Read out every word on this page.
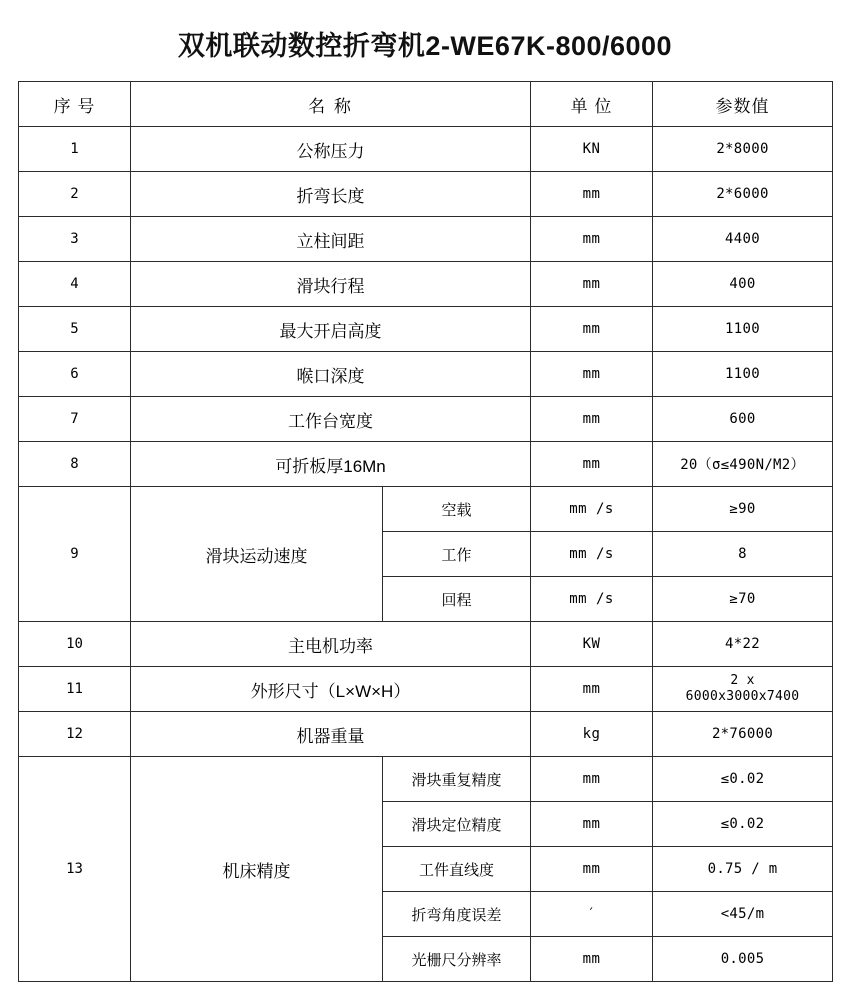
双机联动数控折弯机2-WE67K-800/6000
序 号	名 称		单 位	参数值
1	公称压力		KN	2*8000
2	折弯长度		mm	2*6000
3	立柱间距		mm	4400
4	滑块行程		mm	400
5	最大开启高度		mm	1100
6	喉口深度		mm	1100
7	工作台宽度		mm	600
8	可折板厚16Mn		mm	20（σ≤490N/M2）
9	滑块运动速度	空载	mm /s	≥90
		工作	mm /s	8
		回程	mm /s	≥70
10	主电机功率		KW	4*22
11	外形尺寸（L×W×H）		mm	2 x
6000x3000x7400

12	机器重量		kg	2*76000
13	机床精度	滑块重复精度	mm	≤0.02
		滑块定位精度	mm	≤0.02
		工件直线度	mm	0.75 / m
		折弯角度误差	′	<45/m
		光栅尺分辨率	mm	0.005
